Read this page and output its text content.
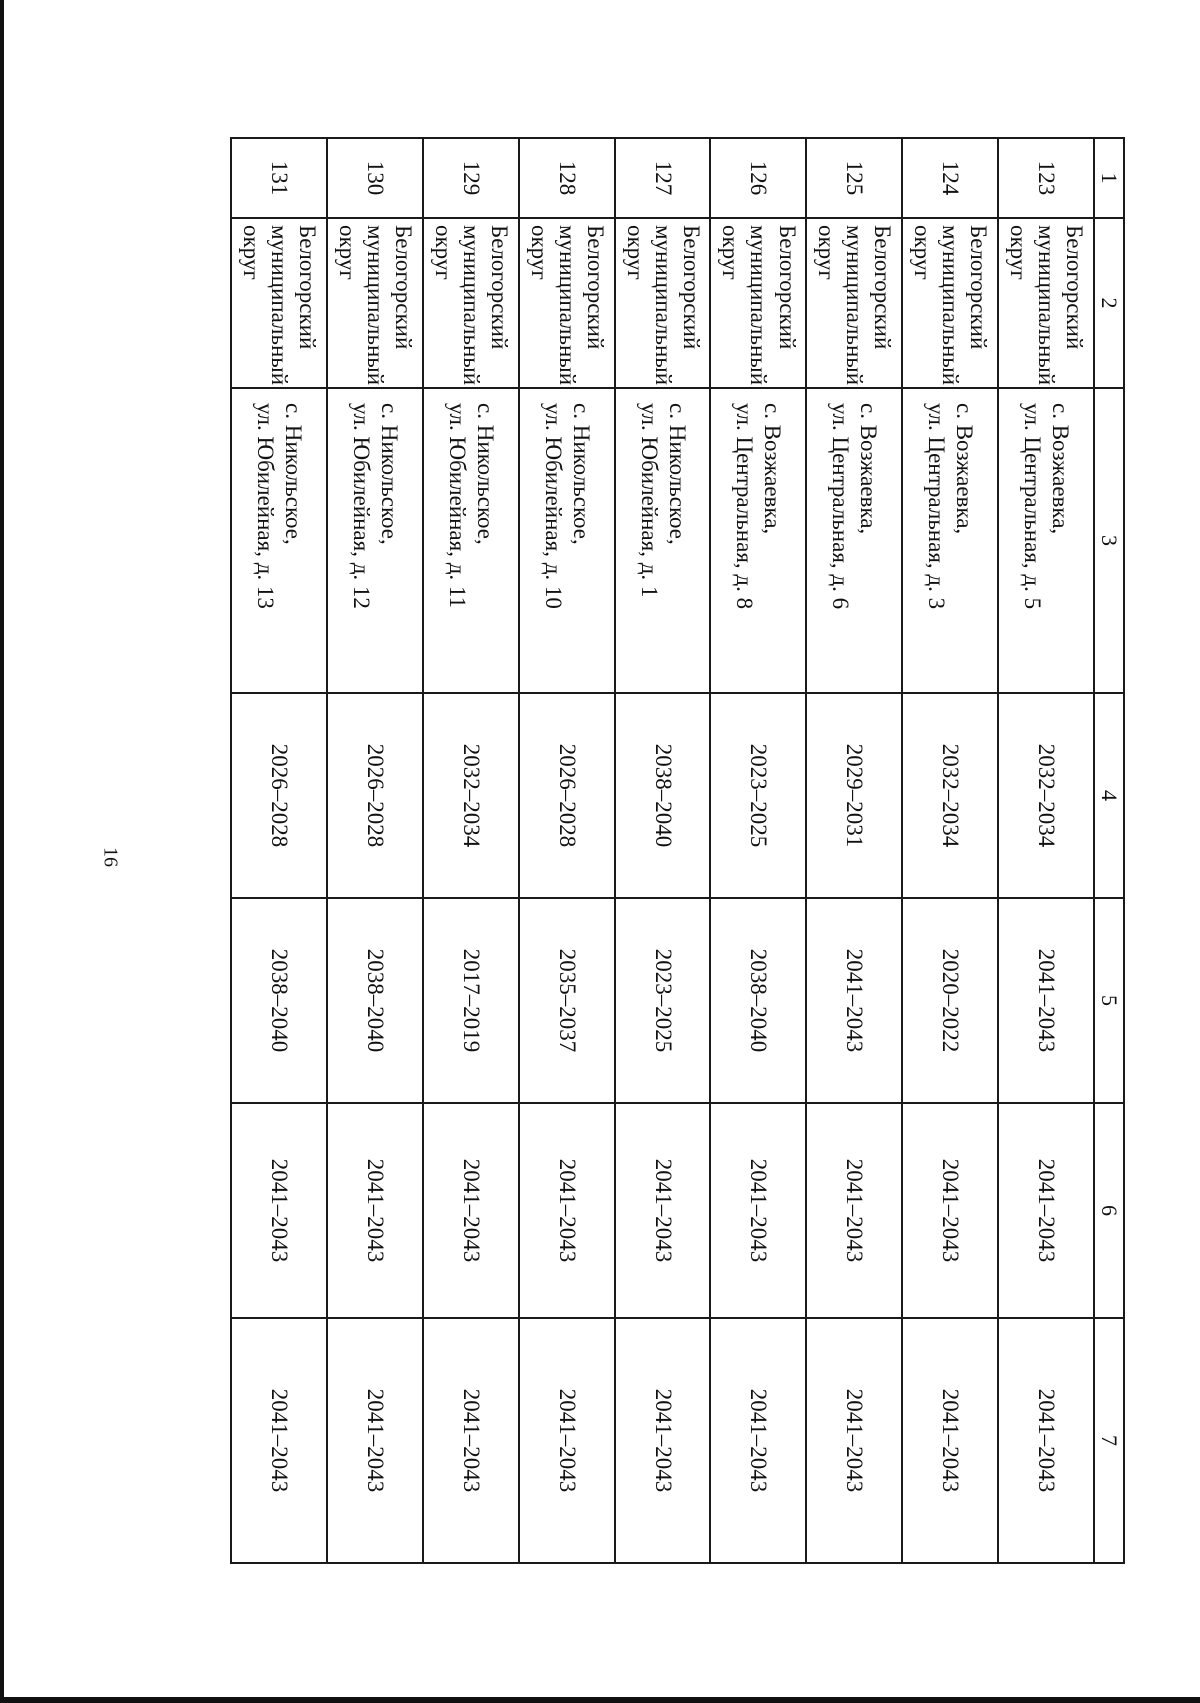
16
1	2	3	4	5	6	7
123	Белогорский
муниципальный
округ	с. Возжаевка,
ул. Центральная, д. 5	2032–2034	2041–2043	2041–2043	2041–2043
124	Белогорский
муниципальный
округ	с. Возжаевка,
ул. Центральная, д. 3	2032–2034	2020–2022	2041–2043	2041–2043
125	Белогорский
муниципальный
округ	с. Возжаевка,
ул. Центральная, д. 6	2029–2031	2041–2043	2041–2043	2041–2043
126	Белогорский
муниципальный
округ	с. Возжаевка,
ул. Центральная, д. 8	2023–2025	2038–2040	2041–2043	2041–2043
127	Белогорский
муниципальный
округ	с. Никольское,
ул. Юбилейная, д. 1	2038–2040	2023–2025	2041–2043	2041–2043
128	Белогорский
муниципальный
округ	с. Никольское,
ул. Юбилейная, д. 10	2026–2028	2035–2037	2041–2043	2041–2043
129	Белогорский
муниципальный
округ	с. Никольское,
ул. Юбилейная, д. 11	2032–2034	2017–2019	2041–2043	2041–2043
130	Белогорский
муниципальный
округ	с. Никольское,
ул. Юбилейная, д. 12	2026–2028	2038–2040	2041–2043	2041–2043
131	Белогорский
муниципальный
округ	с. Никольское,
ул. Юбилейная, д. 13	2026–2028	2038–2040	2041–2043	2041–2043
